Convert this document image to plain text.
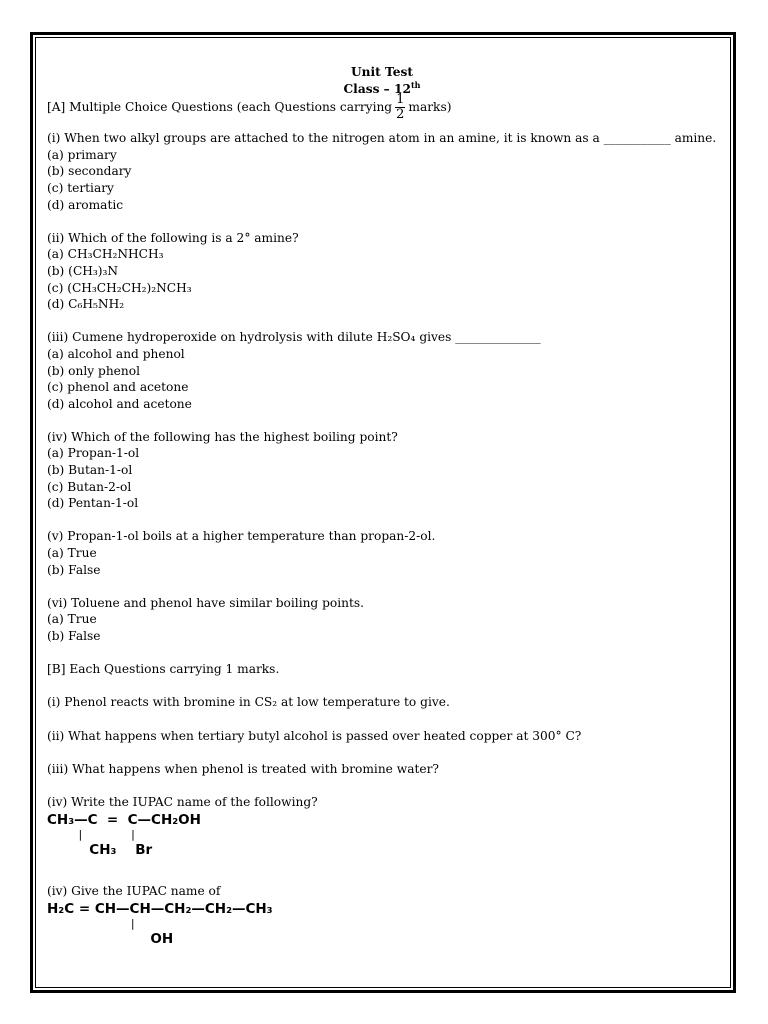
Unit Test
Class – 12th
[A] Multiple Choice Questions (each Questions carrying $\frac{1}{2}$ marks)
(i) When two alkyl groups are attached to the nitrogen atom in an amine, it is known as a ___________ amine.
(a) primary
(b) secondary
(c) tertiary
(d) aromatic
(ii) Which of the following is a 2° amine?
(a) CH₃CH₂NHCH₃
(b) (CH₃)₃N
(c) (CH₃CH₂CH₂)₂NCH₃
(d) C₆H₅NH₂
(iii) Cumene hydroperoxide on hydrolysis with dilute H₂SO₄ gives ______________
(a) alcohol and phenol
(b) only phenol
(c) phenol and acetone
(d) alcohol and acetone
(iv) Which of the following has the highest boiling point?
(a) Propan-1-ol
(b) Butan-1-ol
(c) Butan-2-ol
(d) Pentan-1-ol
(v) Propan-1-ol boils at a higher temperature than propan-2-ol.
(a) True
(b) False
(vi) Toluene and phenol have similar boiling points.
(a) True
(b) False
[B] Each Questions carrying 1 marks.
(i) Phenol reacts with bromine in CS₂ at low temperature to give.
(ii) What happens when tertiary butyl alcohol is passed over heated copper at 300° C?
(iii) What happens when phenol is treated with bromine water?
(iv) Write the IUPAC name of the following?
CH₃—C  =  C—CH₂OH
|              |
CH₃    Br
(iv) Give the IUPAC name of
H₂C = CH—CH—CH₂—CH₂—CH₃
|
OH
